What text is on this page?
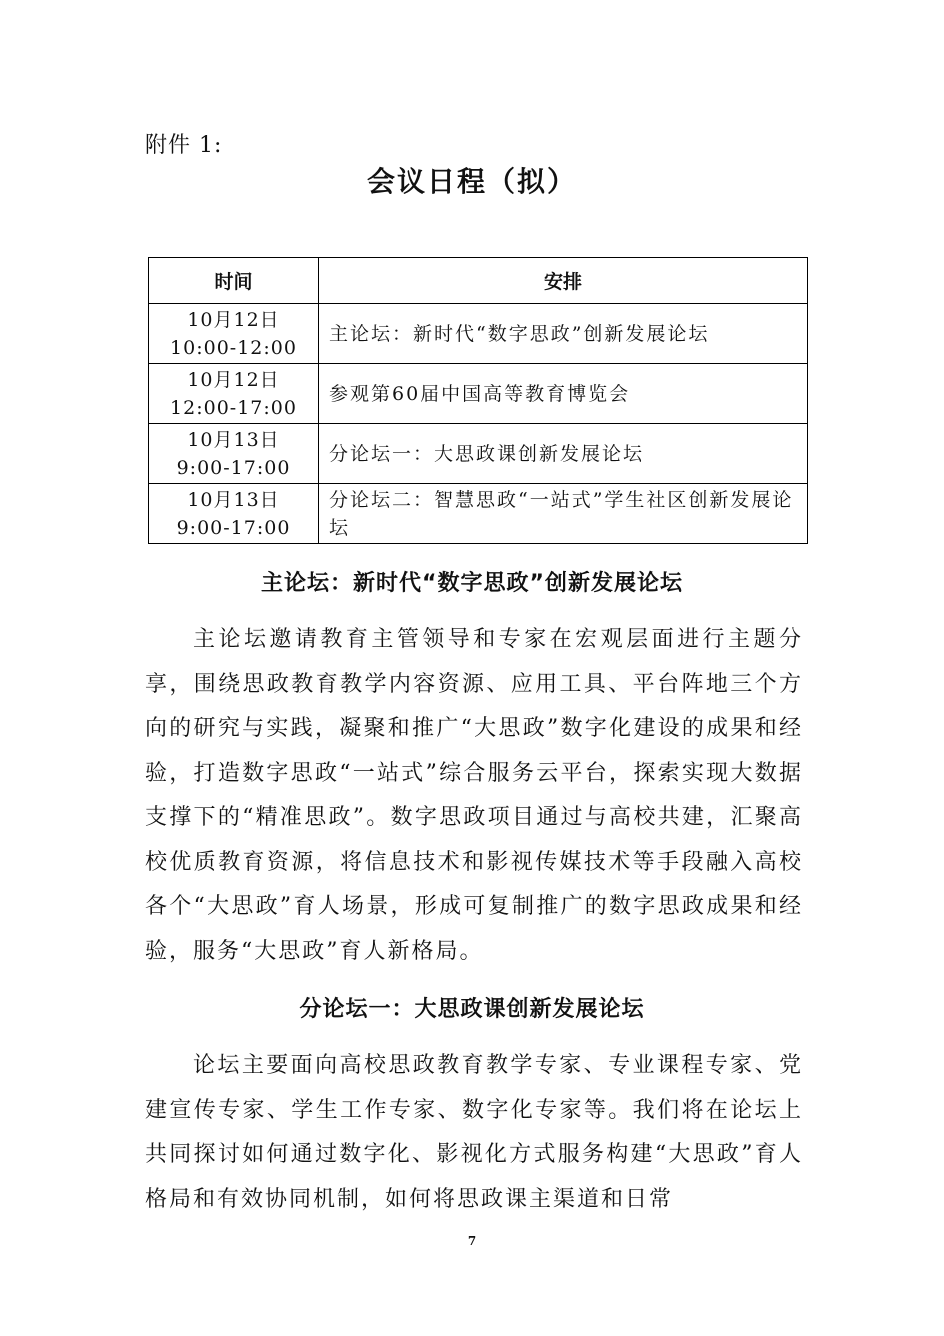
附件 1:
会议日程（拟）
时间	安排

10月12日
10:00-12:00	主论坛：新时代“数字思政”创新发展论坛

10月12日
12:00-17:00	参观第60届中国高等教育博览会

10月13日
9:00-17:00	分论坛一：大思政课创新发展论坛

10月13日
9:00-17:00	分论坛二：智慧思政“一站式”学生社区创新发展论坛
主论坛：新时代“数字思政”创新发展论坛

主论坛邀请教育主管领导和专家在宏观层面进行主题分享，围绕思政教育教学内容资源、应用工具、平台阵地三个方向的研究与实践，凝聚和推广“大思政”数字化建设的成果和经验，打造数字思政“一站式”综合服务云平台，探索实现大数据支撑下的“精准思政”。数字思政项目通过与高校共建，汇聚高校优质教育资源，将信息技术和影视传媒技术等手段融入高校各个“大思政”育人场景，形成可复制推广的数字思政成果和经验，服务“大思政”育人新格局。

分论坛一：大思政课创新发展论坛

论坛主要面向高校思政教育教学专家、专业课程专家、党建宣传专家、学生工作专家、数字化专家等。我们将在论坛上共同探讨如何通过数字化、影视化方式服务构建“大思政”育人格局和有效协同机制，如何将思政课主渠道和日常

7
